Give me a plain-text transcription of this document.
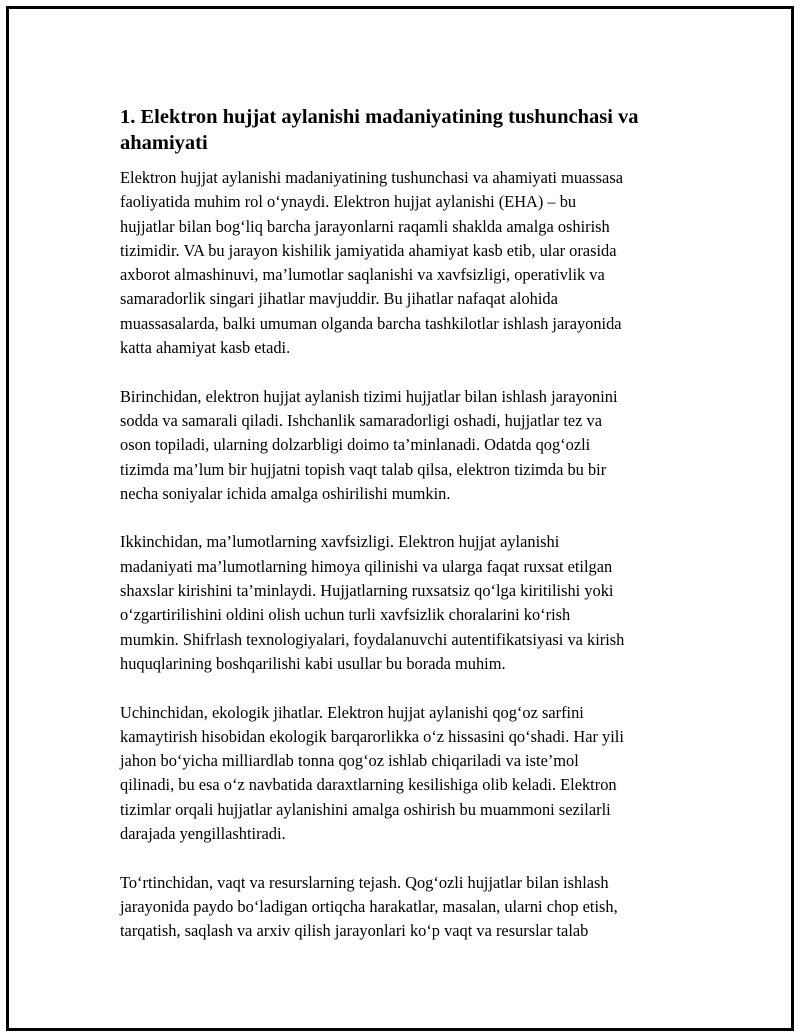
1. Elektron hujjat aylanishi madaniyatining tushunchasi va
ahamiyati

Elektron hujjat aylanishi madaniyatining tushunchasi va ahamiyati muassasa
faoliyatida muhim rol o‘ynaydi. Elektron hujjat aylanishi (EHA) – bu
hujjatlar bilan bog‘liq barcha jarayonlarni raqamli shaklda amalga oshirish
tizimidir. VA bu jarayon kishilik jamiyatida ahamiyat kasb etib, ular orasida
axborot almashinuvi, ma’lumotlar saqlanishi va xavfsizligi, operativlik va
samaradorlik singari jihatlar mavjuddir. Bu jihatlar nafaqat alohida
muassasalarda, balki umuman olganda barcha tashkilotlar ishlash jarayonida
katta ahamiyat kasb etadi.

Birinchidan, elektron hujjat aylanish tizimi hujjatlar bilan ishlash jarayonini
sodda va samarali qiladi. Ishchanlik samaradorligi oshadi, hujjatlar tez va
oson topiladi, ularning dolzarbligi doimo ta’minlanadi. Odatda qog‘ozli
tizimda ma’lum bir hujjatni topish vaqt talab qilsa, elektron tizimda bu bir
necha soniyalar ichida amalga oshirilishi mumkin.

Ikkinchidan, ma’lumotlarning xavfsizligi. Elektron hujjat aylanishi
madaniyati ma’lumotlarning himoya qilinishi va ularga faqat ruxsat etilgan
shaxslar kirishini ta’minlaydi. Hujjatlarning ruxsatsiz qo‘lga kiritilishi yoki
o‘zgartirilishini oldini olish uchun turli xavfsizlik choralarini ko‘rish
mumkin. Shifrlash texnologiyalari, foydalanuvchi autentifikatsiyasi va kirish
huquqlarining boshqarilishi kabi usullar bu borada muhim.

Uchinchidan, ekologik jihatlar. Elektron hujjat aylanishi qog‘oz sarfini
kamaytirish hisobidan ekologik barqarorlikka o‘z hissasini qo‘shadi. Har yili
jahon bo‘yicha milliardlab tonna qog‘oz ishlab chiqariladi va iste’mol
qilinadi, bu esa o‘z navbatida daraxtlarning kesilishiga olib keladi. Elektron
tizimlar orqali hujjatlar aylanishini amalga oshirish bu muammoni sezilarli
darajada yengillashtiradi.

To‘rtinchidan, vaqt va resurslarning tejash. Qog‘ozli hujjatlar bilan ishlash
jarayonida paydo bo‘ladigan ortiqcha harakatlar, masalan, ularni chop etish,
tarqatish, saqlash va arxiv qilish jarayonlari ko‘p vaqt va resurslar talab
